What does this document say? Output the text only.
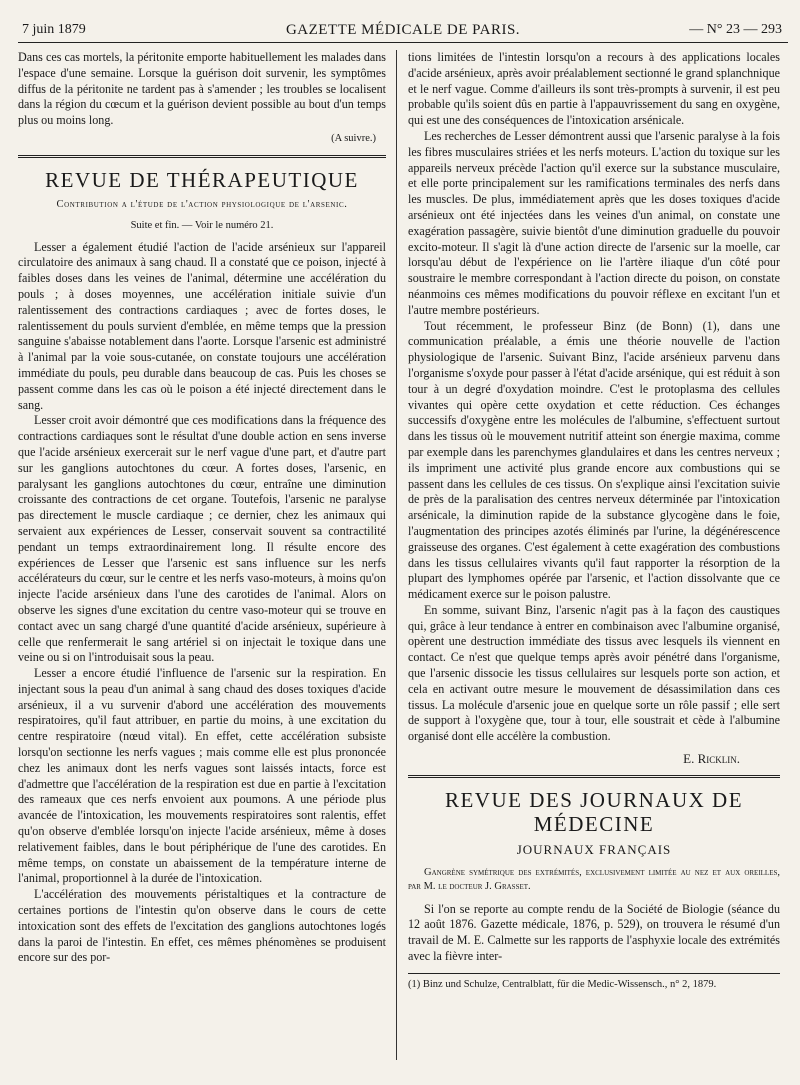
7 juin 1879	GAZETTE MÉDICALE DE PARIS.	— N° 23 — 293

Dans ces cas mortels, la péritonite emporte habituellement les malades dans l'espace d'une semaine. Lorsque la guérison doit survenir, les symptômes diffus de la péritonite ne tardent pas à s'amender ; les troubles se localisent dans la région du cœcum et la guérison devient possible au bout d'un temps plus ou moins long.

(A suivre.)
REVUE DE THÉRAPEUTIQUE
Contribution a l'étude de l'action physiologique de l'arsenic.
Suite et fin. — Voir le numéro 21.

Lesser a également étudié l'action de l'acide arsénieux sur l'appareil circulatoire des animaux à sang chaud. Il a constaté que ce poison, injecté à faibles doses dans les veines de l'animal, détermine une accélération du pouls ; à doses moyennes, une accélération initiale suivie d'un ralentissement des contractions cardiaques ; avec de fortes doses, le ralentissement du pouls survient d'emblée, en même temps que la pression sanguine s'abaisse notablement dans l'aorte. Lorsque l'arsenic est administré à l'animal par la voie sous-cutanée, on constate toujours une accélération immédiate du pouls, peu durable dans beaucoup de cas. Puis les choses se passent comme dans les cas où le poison a été injecté directement dans le sang.

Lesser croit avoir démontré que ces modifications dans la fréquence des contractions cardiaques sont le résultat d'une double action en sens inverse que l'acide arsénieux exercerait sur le nerf vague d'une part, et d'autre part sur les ganglions autochtones du cœur. A fortes doses, l'arsenic, en paralysant les ganglions autochtones du cœur, entraîne une diminution croissante des contractions de cet organe. Toutefois, l'arsenic ne paralyse pas directement le muscle cardiaque ; ce dernier, chez les animaux qui servaient aux expériences de Lesser, conservait souvent sa contractilité pendant un temps extraordinairement long. Il résulte encore des expériences de Lesser que l'arsenic est sans influence sur les nerfs accélérateurs du cœur, sur le centre et les nerfs vaso-moteurs, à moins qu'on injecte l'acide arsénieux dans l'une des carotides de l'animal. Alors on observe les signes d'une excitation du centre vaso-moteur qui se trouve en contact avec un sang chargé d'une quantité d'acide arsénieux, supérieure à celle que renfermerait le sang artériel si on injectait le toxique dans une veine ou si on l'introduisait sous la peau.

Lesser a encore étudié l'influence de l'arsenic sur la respiration. En injectant sous la peau d'un animal à sang chaud des doses toxiques d'acide arsénieux, il a vu survenir d'abord une accélération des mouvements respiratoires, qu'il faut attribuer, en partie du moins, à une excitation du centre respiratoire (nœud vital). En effet, cette accélération subsiste lorsqu'on sectionne les nerfs vagues ; mais comme elle est plus prononcée chez les animaux dont les nerfs vagues sont laissés intacts, force est d'admettre que l'accélération de la respiration est due en partie à l'excitation des rameaux que ces nerfs envoient aux poumons. A une période plus avancée de l'intoxication, les mouvements respiratoires sont ralentis, effet qu'on observe d'emblée lorsqu'on injecte l'acide arsénieux, même à doses relativement faibles, dans le bout périphérique de l'une des carotides. En même temps, on constate un abaissement de la température interne de l'animal, proportionnel à la durée de l'intoxication.

L'accélération des mouvements péristaltiques et la contracture de certaines portions de l'intestin qu'on observe dans le cours de cette intoxication sont des effets de l'excitation des ganglions autochtones logés dans la paroi de l'intestin. En effet, ces mêmes phénomènes se produisent encore sur des por-

tions limitées de l'intestin lorsqu'on a recours à des applications locales d'acide arsénieux, après avoir préalablement sectionné le grand splanchnique et le nerf vague. Comme d'ailleurs ils sont très-prompts à survenir, il est peu probable qu'ils soient dûs en partie à l'appauvrissement du sang en oxygène, qui est une des conséquences de l'intoxication arsénicale.

Les recherches de Lesser démontrent aussi que l'arsenic paralyse à la fois les fibres musculaires striées et les nerfs moteurs. L'action du toxique sur les appareils nerveux précède l'action qu'il exerce sur la substance musculaire, et elle porte principalement sur les ramifications terminales des nerfs dans les muscles. De plus, immédiatement après que les doses toxiques d'acide arsénieux ont été injectées dans les veines d'un animal, on constate une exagération passagère, suivie bientôt d'une diminution graduelle du pouvoir excito-moteur. Il s'agit là d'une action directe de l'arsenic sur la moelle, car lorsqu'au début de l'expérience on lie l'artère iliaque d'un côté pour soustraire le membre correspondant à l'action directe du poison, on constate néanmoins ces mêmes modifications du pouvoir réflexe en excitant l'un et l'autre membre postérieurs.

Tout récemment, le professeur Binz (de Bonn) (1), dans une communication préalable, a émis une théorie nouvelle de l'action physiologique de l'arsenic. Suivant Binz, l'acide arsénieux parvenu dans l'organisme s'oxyde pour passer à l'état d'acide arsénique, qui est réduit à son tour à un degré d'oxydation moindre. C'est le protoplasma des cellules vivantes qui opère cette oxydation et cette réduction. Ces échanges successifs d'oxygène entre les molécules de l'albumine, s'effectuent surtout dans les tissus où le mouvement nutritif atteint son énergie maxima, comme par exemple dans les parenchymes glandulaires et dans les centres nerveux ; ils impriment une activité plus grande encore aux combustions qui se passent dans les cellules de ces tissus. On s'explique ainsi l'excitation suivie de près de la paralisation des centres nerveux déterminée par l'intoxication arsénicale, la diminution rapide de la substance glycogène dans le foie, l'augmentation des principes azotés éliminés par l'urine, la dégénérescence graisseuse des organes. C'est également à cette exagération des combustions dans les tissus cellulaires vivants qu'il faut rapporter la résorption de la plupart des lymphomes opérée par l'arsenic, et l'action dissolvante que ce médicament exerce sur le poison palustre.

En somme, suivant Binz, l'arsenic n'agit pas à la façon des caustiques qui, grâce à leur tendance à entrer en combinaison avec l'albumine organisé, opèrent une destruction immédiate des tissus avec lesquels ils viennent en contact. Ce n'est que quelque temps après avoir pénétré dans l'organisme, que l'arsenic dissocie les tissus cellulaires sur lesquels porte son action, et cela en activant outre mesure le mouvement de désassimilation dans ces tissus. La molécule d'arsenic joue en quelque sorte un rôle passif ; elle sert de support à l'oxygène que, tour à tour, elle soustrait et cède à l'albumine organisé dont elle accélère la combustion.

E. Ricklin.
REVUE DES JOURNAUX DE MÉDECINE
JOURNAUX FRANÇAIS
Gangrène symétrique des extrémités, exclusivement limitée au nez et aux oreilles, par M. le docteur J. Grasset.

Si l'on se reporte au compte rendu de la Société de Biologie (séance du 12 août 1876. Gazette médicale, 1876, p. 529), on trouvera le résumé d'un travail de M. E. Calmette sur les rapports de l'asphyxie locale des extrémités avec la fièvre inter-

(1) Binz und Schulze, Centralblatt, für die Medic-Wissensch., n° 2, 1879.
